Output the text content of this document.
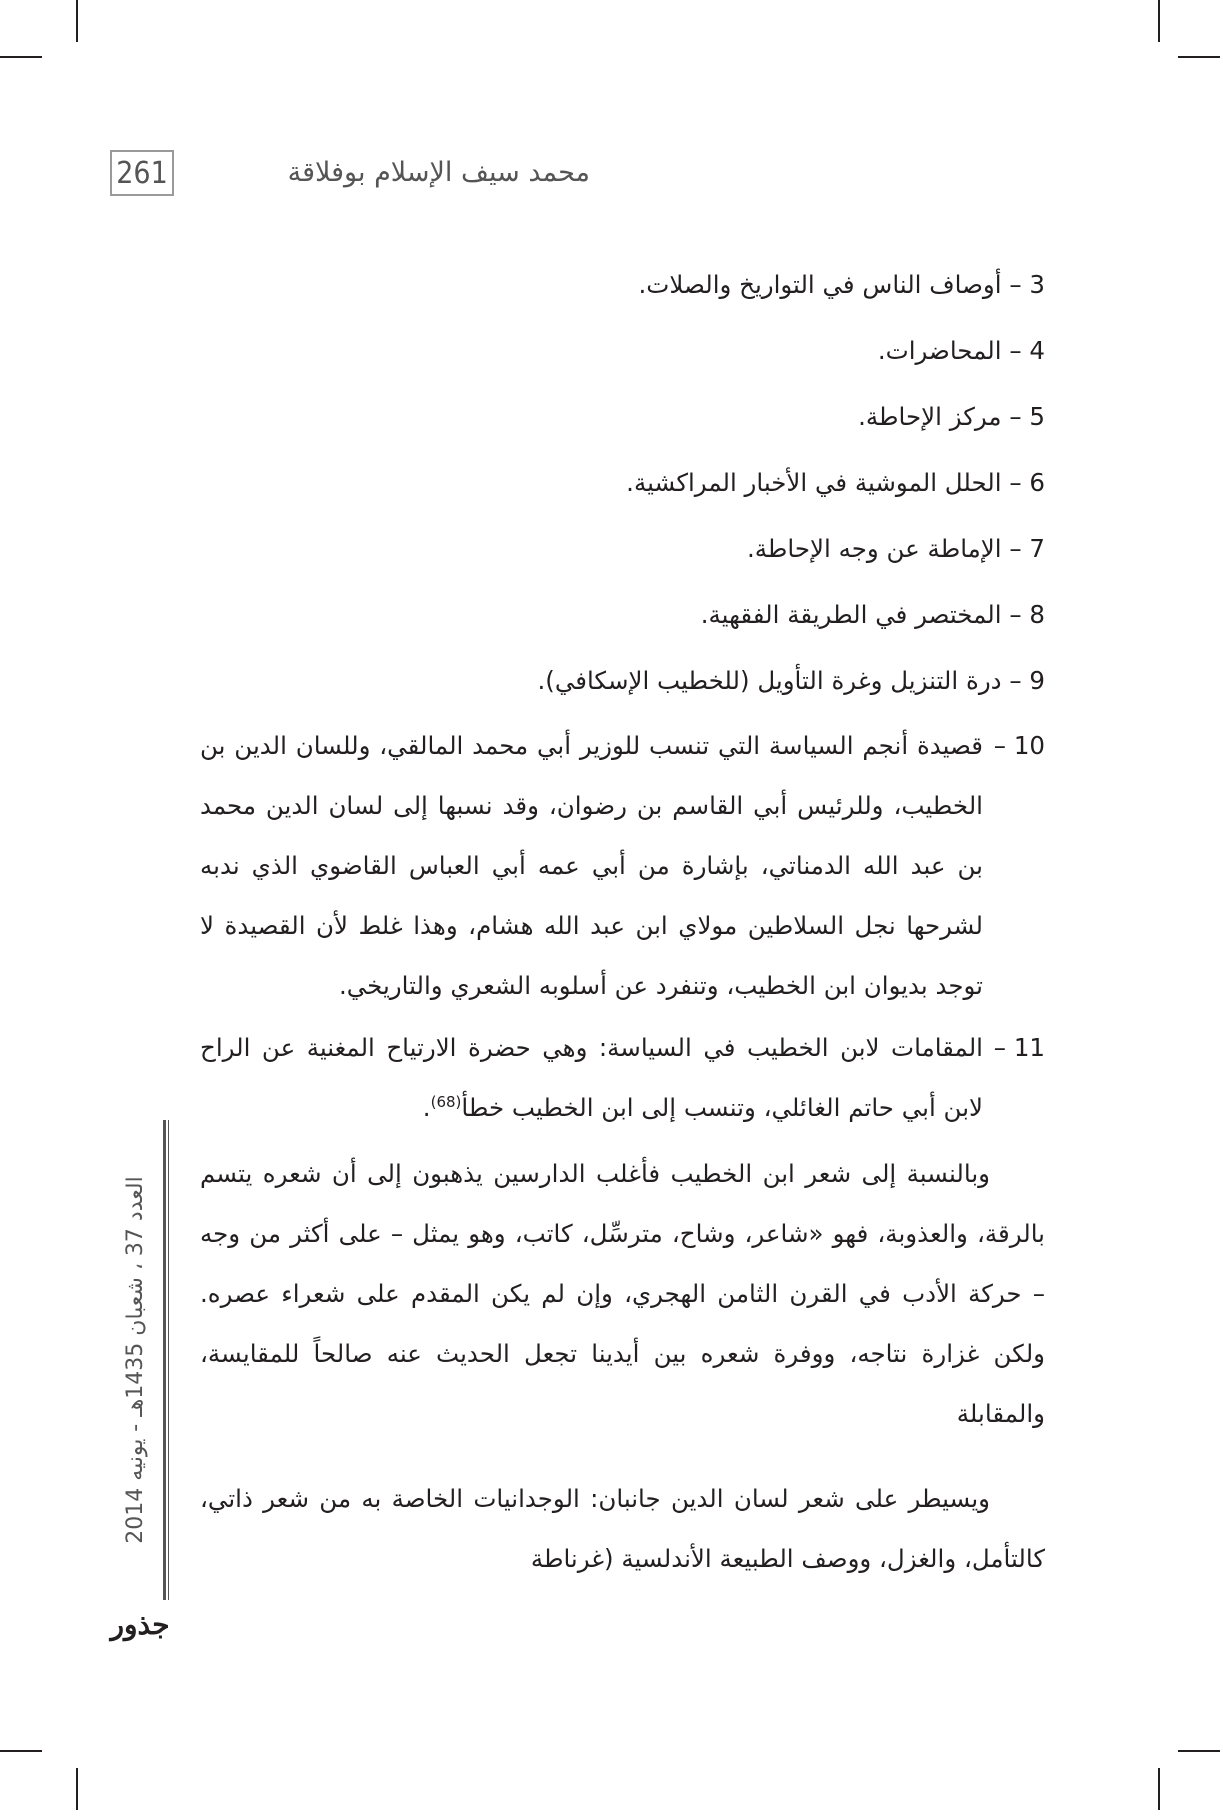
261	محمد سيف الإسلام بوفلاقة
3 –

أوصاف الناس في التواريخ والصلات.
4 –

المحاضرات.
5 –

مركز الإحاطة.
6 –

الحلل الموشية في الأخبار المراكشية.
7 –

الإماطة عن وجه الإحاطة.
8 –

المختصر في الطريقة الفقهية.
9 –

درة التنزيل وغرة التأويل (للخطيب الإسكافي).
10 –
قصيدة أنجم السياسة التي تنسب للوزير أبي محمد المالقي، وللسان الدين بن الخطيب، وللرئيس أبي القاسم بن رضوان، وقد نسبها إلى لسان الدين محمد بن عبد الله الدمناتي، بإشارة من أبي عمه أبي العباس القاضوي الذي ندبه لشرحها نجل السلاطين مولاي ابن عبد الله هشام، وهذا غلط لأن القصيدة لا توجد بديوان ابن الخطيب، وتنفرد عن أسلوبه الشعري والتاريخي.
11 –
المقامات لابن الخطيب في السياسة: وهي حضرة الارتياح المغنية عن الراح لابن أبي حاتم الغائلي، وتنسب إلى ابن الخطيب خطأ$^{(68)}$.

وبالنسبة إلى شعر ابن الخطيب فأغلب الدارسين يذهبون إلى أن شعره يتسم بالرقة، والعذوبة، فهو «شاعر، وشاح، مترسِّل، كاتب، وهو يمثل – على أكثر من وجه – حركة الأدب في القرن الثامن الهجري، وإن لم يكن المقدم على شعراء عصره. ولكن غزارة نتاجه، ووفرة شعره بين أيدينا تجعل الحديث عنه صالحاً للمقايسة، والمقابلة

ويسيطر على شعر لسان الدين جانبان: الوجدانيات الخاصة به من شعر ذاتي، كالتأمل، والغزل، ووصف الطبيعة الأندلسية (غرناطة

العدد 37 ، شعبان 1435هـ - يونيه 2014
جذور
